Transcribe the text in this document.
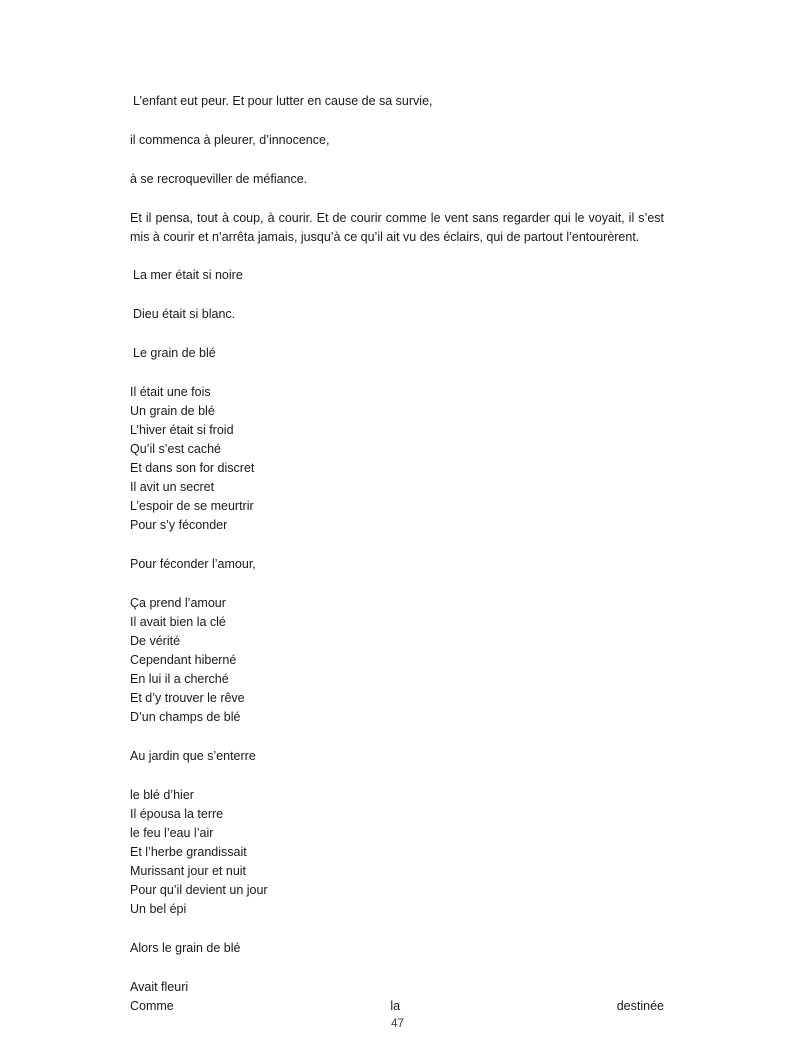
L’enfant eut peur. Et pour lutter en cause de sa survie,

il commenca à pleurer, d’innocence,

à se recroqueviller de méfiance.

Et il pensa, tout à coup, à courir. Et de courir comme le vent sans regarder qui le voyait, il s’est mis à courir et n’arrêta jamais, jusqu’à ce qu’il ait vu des éclairs, qui de partout l’entourèrent.

La mer était si noire

Dieu était si blanc.

Le grain de blé

Il était une fois
Un grain de blé
L’hiver était si froid
Qu’il s’est caché
Et dans son for discret
Il avit un secret
L’espoir de se meurtrir
Pour s’y féconder

Pour féconder l’amour,

Ça prend l’amour
Il avait bien la clé
De vérité
Cependant hiberné
En lui il a cherché
Et d’y trouver le rêve
D’un champs de blé

Au jardin que s’enterre

le blé d’hier
Il épousa la terre
le feu l’eau l’air
Et l’herbe grandissait
Murissant jour et nuit
Pour qu’il devient un jour
Un bel épi

Alors le grain de blé

Avait fleuri
Comme	la	destinée
47
